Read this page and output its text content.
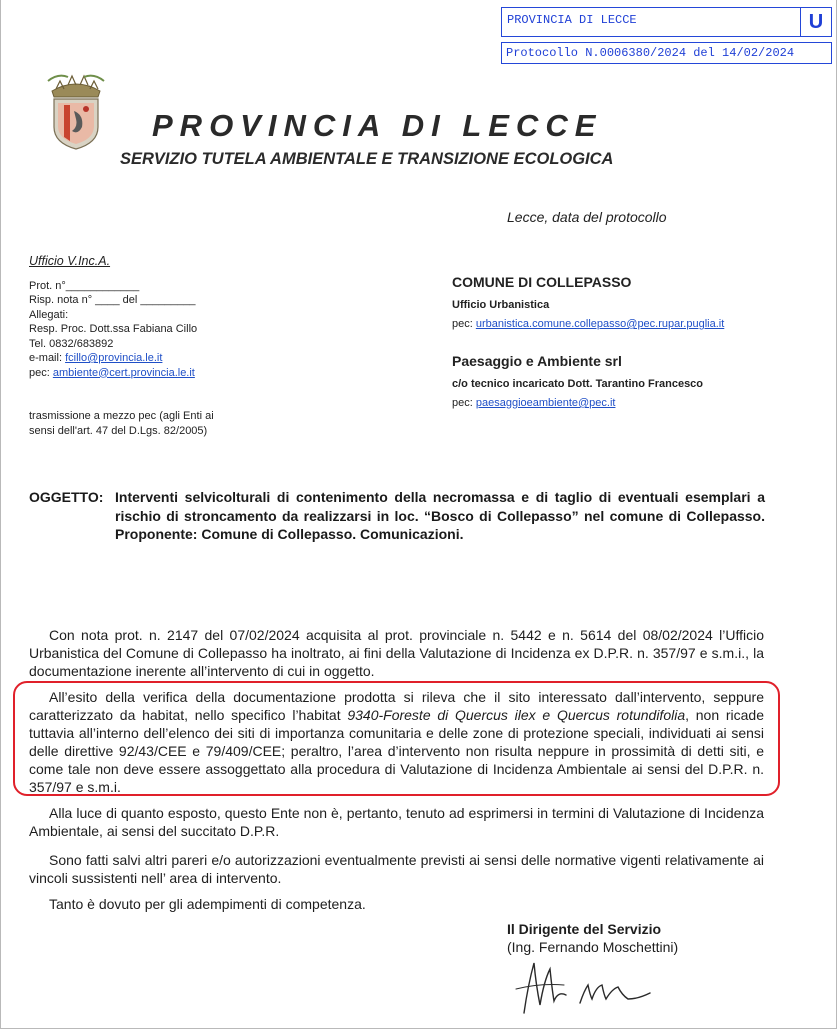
PROVINCIA DI LECCE	U
Protocollo N.0006380/2024 del 14/02/2024
PROVINCIA DI LECCE
SERVIZIO TUTELA AMBIENTALE E TRANSIZIONE ECOLOGICA
Lecce, data del protocollo
Ufficio V.Inc.A.
Prot. n°____________
Risp. nota n° ____ del _________
Allegati:
Resp. Proc. Dott.ssa Fabiana Cillo
Tel. 0832/683892
e-mail: fcillo@provincia.le.it
pec: ambiente@cert.provincia.le.it
trasmissione a mezzo pec (agli Enti ai
sensi dell'art. 47 del D.Lgs. 82/2005)
COMUNE DI COLLEPASSO
Ufficio Urbanistica
pec: urbanistica.comune.collepasso@pec.rupar.puglia.it
Paesaggio e Ambiente srl
c/o tecnico incaricato Dott. Tarantino Francesco
pec: paesaggioeambiente@pec.it
OGGETTO: Interventi selvicolturali di contenimento della necromassa e di taglio di eventuali esemplari a rischio di stroncamento da realizzarsi in loc. “Bosco di Collepasso” nel comune di Collepasso. Proponente: Comune di Collepasso. Comunicazioni.

Con nota prot. n. 2147 del 07/02/2024 acquisita al prot. provinciale n. 5442 e n. 5614 del 08/02/2024 l’Ufficio Urbanistica del Comune di Collepasso ha inoltrato, ai fini della Valutazione di Incidenza ex D.P.R. n. 357/97 e s.m.i., la documentazione inerente all’intervento di cui in oggetto.

All’esito della verifica della documentazione prodotta si rileva che il sito interessato dall’intervento, seppure caratterizzato da habitat, nello specifico l’habitat 9340-Foreste di Quercus ilex e Quercus rotundifolia, non ricade tuttavia all’interno dell’elenco dei siti di importanza comunitaria e delle zone di protezione speciali, individuati ai sensi delle direttive 92/43/CEE e 79/409/CEE; peraltro, l’area d’intervento non risulta neppure in prossimità di detti siti, e come tale non deve essere assoggettato alla procedura di Valutazione di Incidenza Ambientale ai sensi del D.P.R. n. 357/97 e s.m.i.

Alla luce di quanto esposto, questo Ente non è, pertanto, tenuto ad esprimersi in termini di Valutazione di Incidenza Ambientale, ai sensi del succitato D.P.R.

Sono fatti salvi altri pareri e/o autorizzazioni eventualmente previsti ai sensi delle normative vigenti relativamente ai vincoli sussistenti nell’ area di intervento.

Tanto è dovuto per gli adempimenti di competenza.

Il Dirigente del Servizio
(Ing. Fernando Moschettini)
